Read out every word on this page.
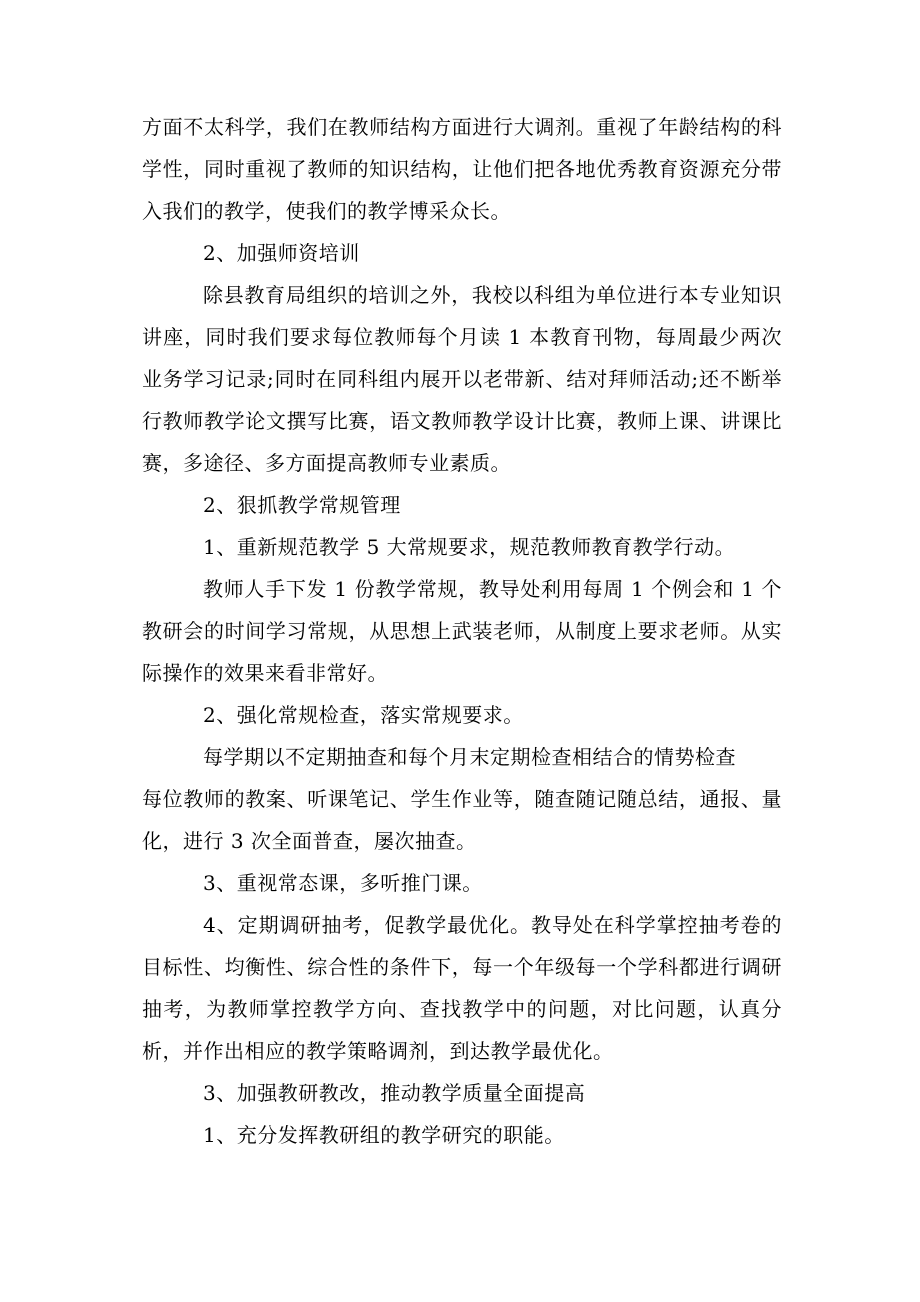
方面不太科学，我们在教师结构方面进行大调剂。重视了年龄结构的科学性，同时重视了教师的知识结构，让他们把各地优秀教育资源充分带入我们的教学，使我们的教学博采众长。

2、加强师资培训

除县教育局组织的培训之外，我校以科组为单位进行本专业知识讲座，同时我们要求每位教师每个月读 1 本教育刊物，每周最少两次业务学习记录;同时在同科组内展开以老带新、结对拜师活动;还不断举行教师教学论文撰写比赛，语文教师教学设计比赛，教师上课、讲课比赛，多途径、多方面提高教师专业素质。

2、狠抓教学常规管理

1、重新规范教学 5 大常规要求，规范教师教育教学行动。

教师人手下发 1 份教学常规，教导处利用每周 1 个例会和 1 个教研会的时间学习常规，从思想上武装老师，从制度上要求老师。从实际操作的效果来看非常好。

2、强化常规检查，落实常规要求。

每学期以不定期抽查和每个月末定期检查相结合的情势检查

每位教师的教案、听课笔记、学生作业等，随查随记随总结，通报、量化，进行 3 次全面普查，屡次抽查。

3、重视常态课，多听推门课。

4、定期调研抽考，促教学最优化。教导处在科学掌控抽考卷的目标性、均衡性、综合性的条件下，每一个年级每一个学科都进行调研抽考，为教师掌控教学方向、查找教学中的问题，对比问题，认真分析，并作出相应的教学策略调剂，到达教学最优化。

3、加强教研教改，推动教学质量全面提高

1、充分发挥教研组的教学研究的职能。
